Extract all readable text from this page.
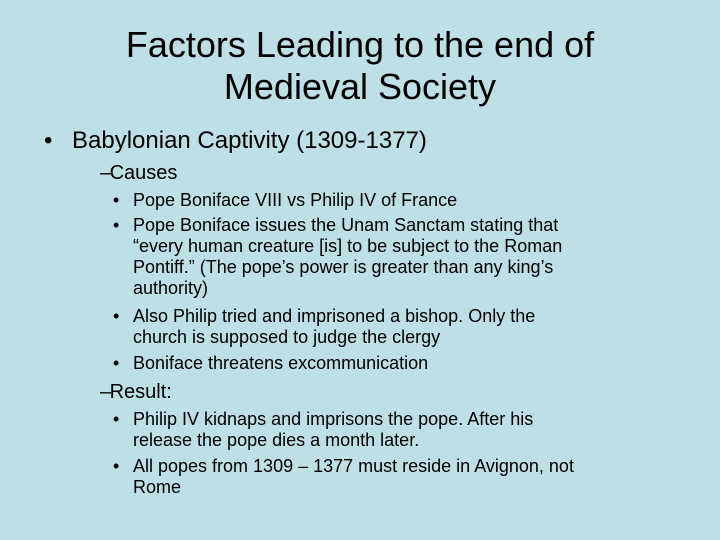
Factors Leading to the end of
Medieval Society
• Babylonian Captivity (1309-1377)
– Causes
• Pope Boniface VIII vs Philip IV of France
• Pope Boniface issues the Unam Sanctam stating that
“every human creature [is] to be subject to the Roman
Pontiff.” (The pope’s power is greater than any king’s
authority)
• Also Philip tried and imprisoned a bishop. Only the
church is supposed to judge the clergy
• Boniface threatens excommunication
– Result:
• Philip IV kidnaps and imprisons the pope. After his
release the pope dies a month later.
• All popes from 1309 – 1377 must reside in Avignon, not
Rome
